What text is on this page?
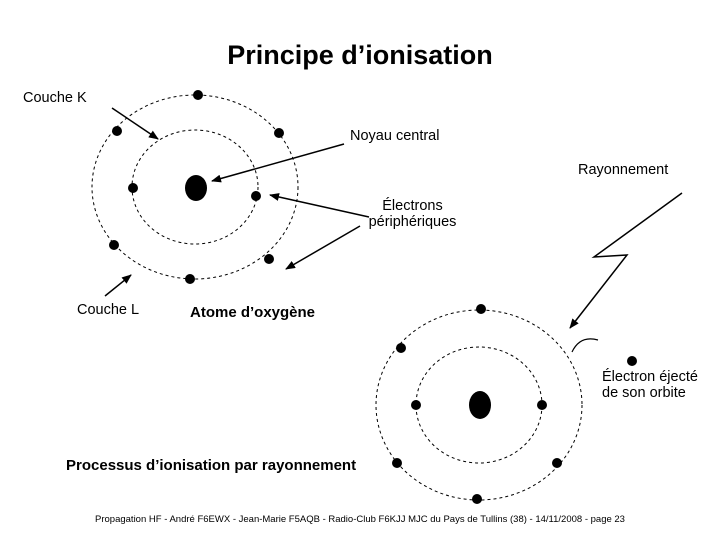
Principe d’ionisation
Couche K
Noyau central
Rayonnement
Électrons
périphériques
Couche L	Atome d’oxygène
Électron éjecté
de son orbite
Processus d’ionisation par rayonnement
Propagation HF - André F6EWX - Jean-Marie F5AQB - Radio-Club F6KJJ MJC du Pays de Tullins (38) - 14/11/2008 - page 23
